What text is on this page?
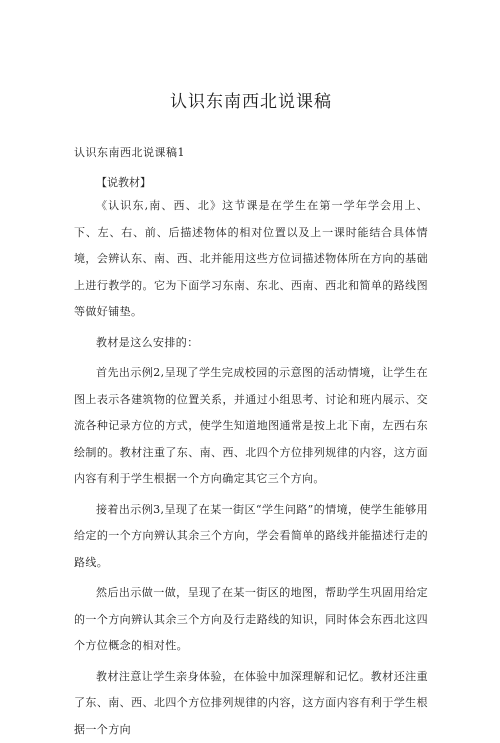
认识东南西北说课稿
认识东南西北说课稿1
【说教材】

《认识东,南、西、北》这节课是在学生在第一学年学会用上、下、左、右、前、后描述物体的相对位置以及上一课时能结合具体情境，会辨认东、南、西、北并能用这些方位词描述物体所在方向的基础上进行教学的。它为下面学习东南、东北、西南、西北和简单的路线图等做好铺垫。

教材是这么安排的：

首先出示例2,呈现了学生完成校园的示意图的活动情境，让学生在图上表示各建筑物的位置关系，并通过小组思考、讨论和班内展示、交流各种记录方位的方式，使学生知道地图通常是按上北下南，左西右东绘制的。教材注重了东、南、西、北四个方位排列规律的内容，这方面内容有利于学生根据一个方向确定其它三个方向。

接着出示例3,呈现了在某一街区“学生问路”的情境，使学生能够用给定的一个方向辨认其余三个方向，学会看简单的路线并能描述行走的路线。

然后出示做一做，呈现了在某一街区的地图，帮助学生巩固用给定的一个方向辨认其余三个方向及行走路线的知识，同时体会东西北这四个方位概念的相对性。

教材注意让学生亲身体验，在体验中加深理解和记忆。教材还注重了东、南、西、北四个方位排列规律的内容，这方面内容有利于学生根据一个方向
